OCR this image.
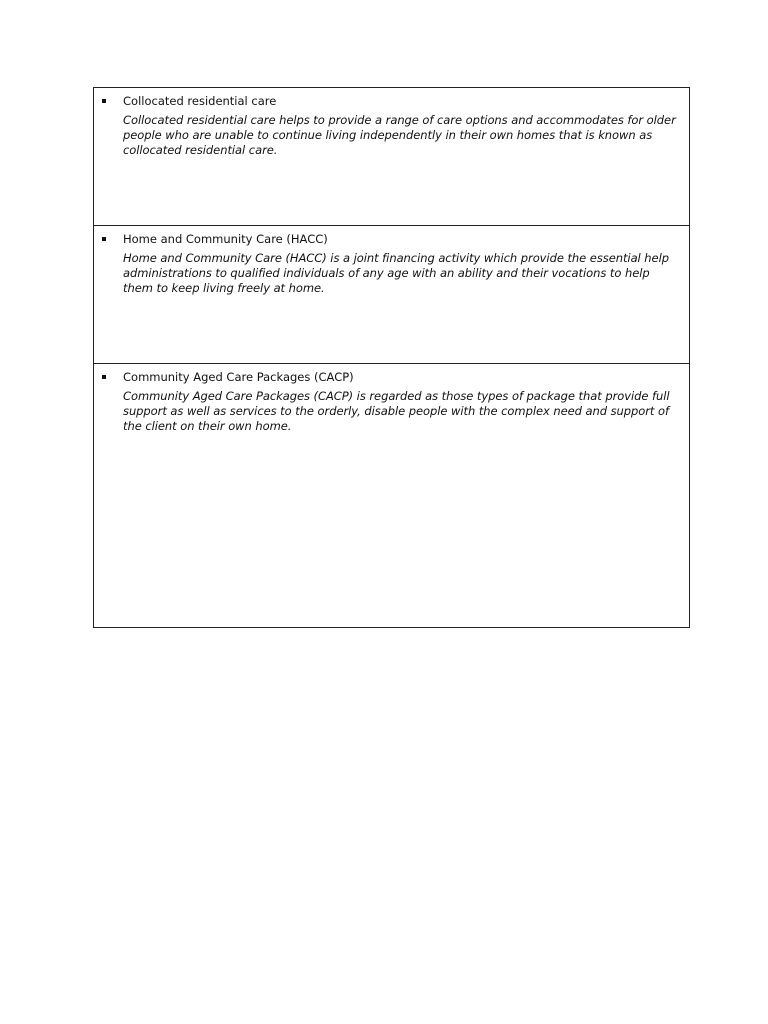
Collocated residential care

Collocated residential care helps to provide a range of care options and accommodates for older people who are unable to continue living independently in their own homes that is known as collocated residential care.

Home and Community Care (HACC)

Home and Community Care (HACC) is a joint financing activity which provide the essential help administrations to qualified individuals of any age with an ability and their vocations to help them to keep living freely at home.

Community Aged Care Packages (CACP)

Community Aged Care Packages (CACP) is regarded as those types of package that provide full support as well as services to the orderly, disable people with the complex need and support of the client on their own home.
